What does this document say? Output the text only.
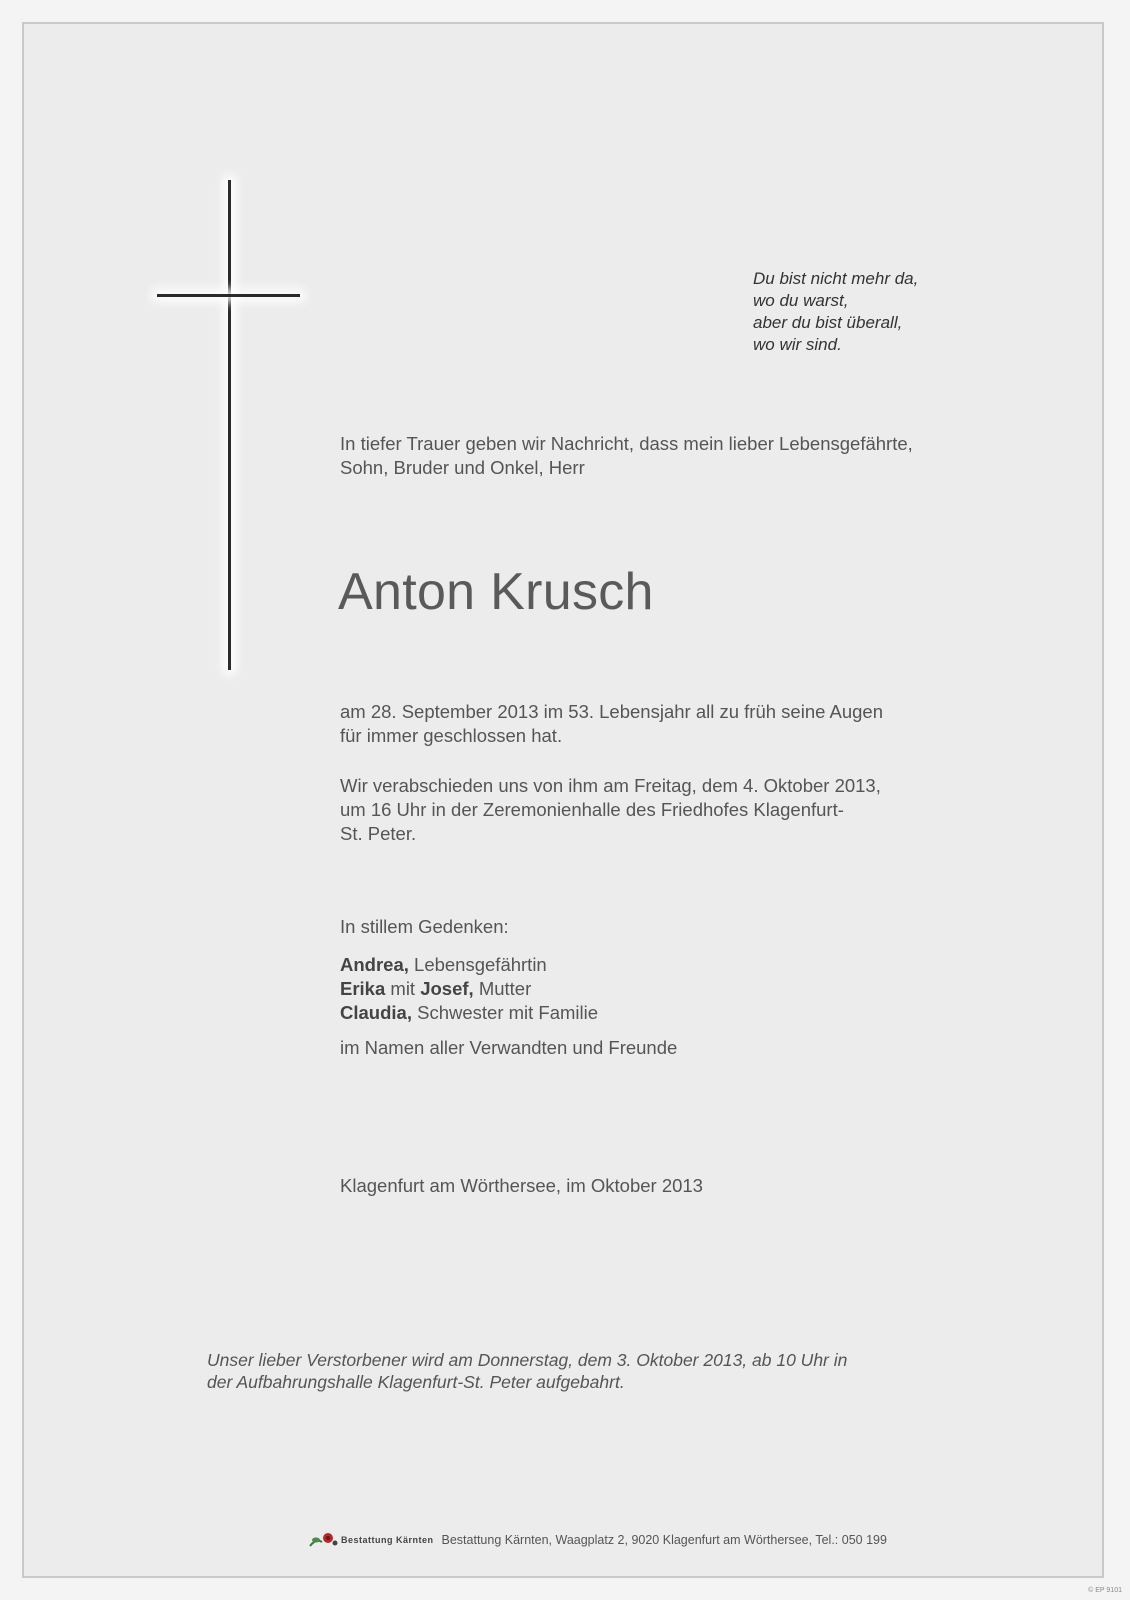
Du bist nicht mehr da,
wo du warst,
aber du bist überall,
wo wir sind.
In tiefer Trauer geben wir Nachricht, dass mein lieber Lebensgefährte,
Sohn, Bruder und Onkel, Herr
Anton Krusch
am 28. September 2013 im 53. Lebensjahr all zu früh seine Augen
für immer geschlossen hat.
Wir verabschieden uns von ihm am Freitag, dem 4. Oktober 2013,
um 16 Uhr in der Zeremonienhalle des Friedhofes Klagenfurt-
St. Peter.
In stillem Gedenken:
Andrea, Lebensgefährtin
Erika mit Josef, Mutter
Claudia, Schwester mit Familie
im Namen aller Verwandten und Freunde
Klagenfurt am Wörthersee, im Oktober 2013
Unser lieber Verstorbener wird am Donnerstag, dem 3. Oktober 2013, ab 10 Uhr in
der Aufbahrungshalle Klagenfurt-St. Peter aufgebahrt.
Bestattung Kärnten Bestattung Kärnten, Waagplatz 2, 9020 Klagenfurt am Wörthersee, Tel.: 050 199
© EP 9101
